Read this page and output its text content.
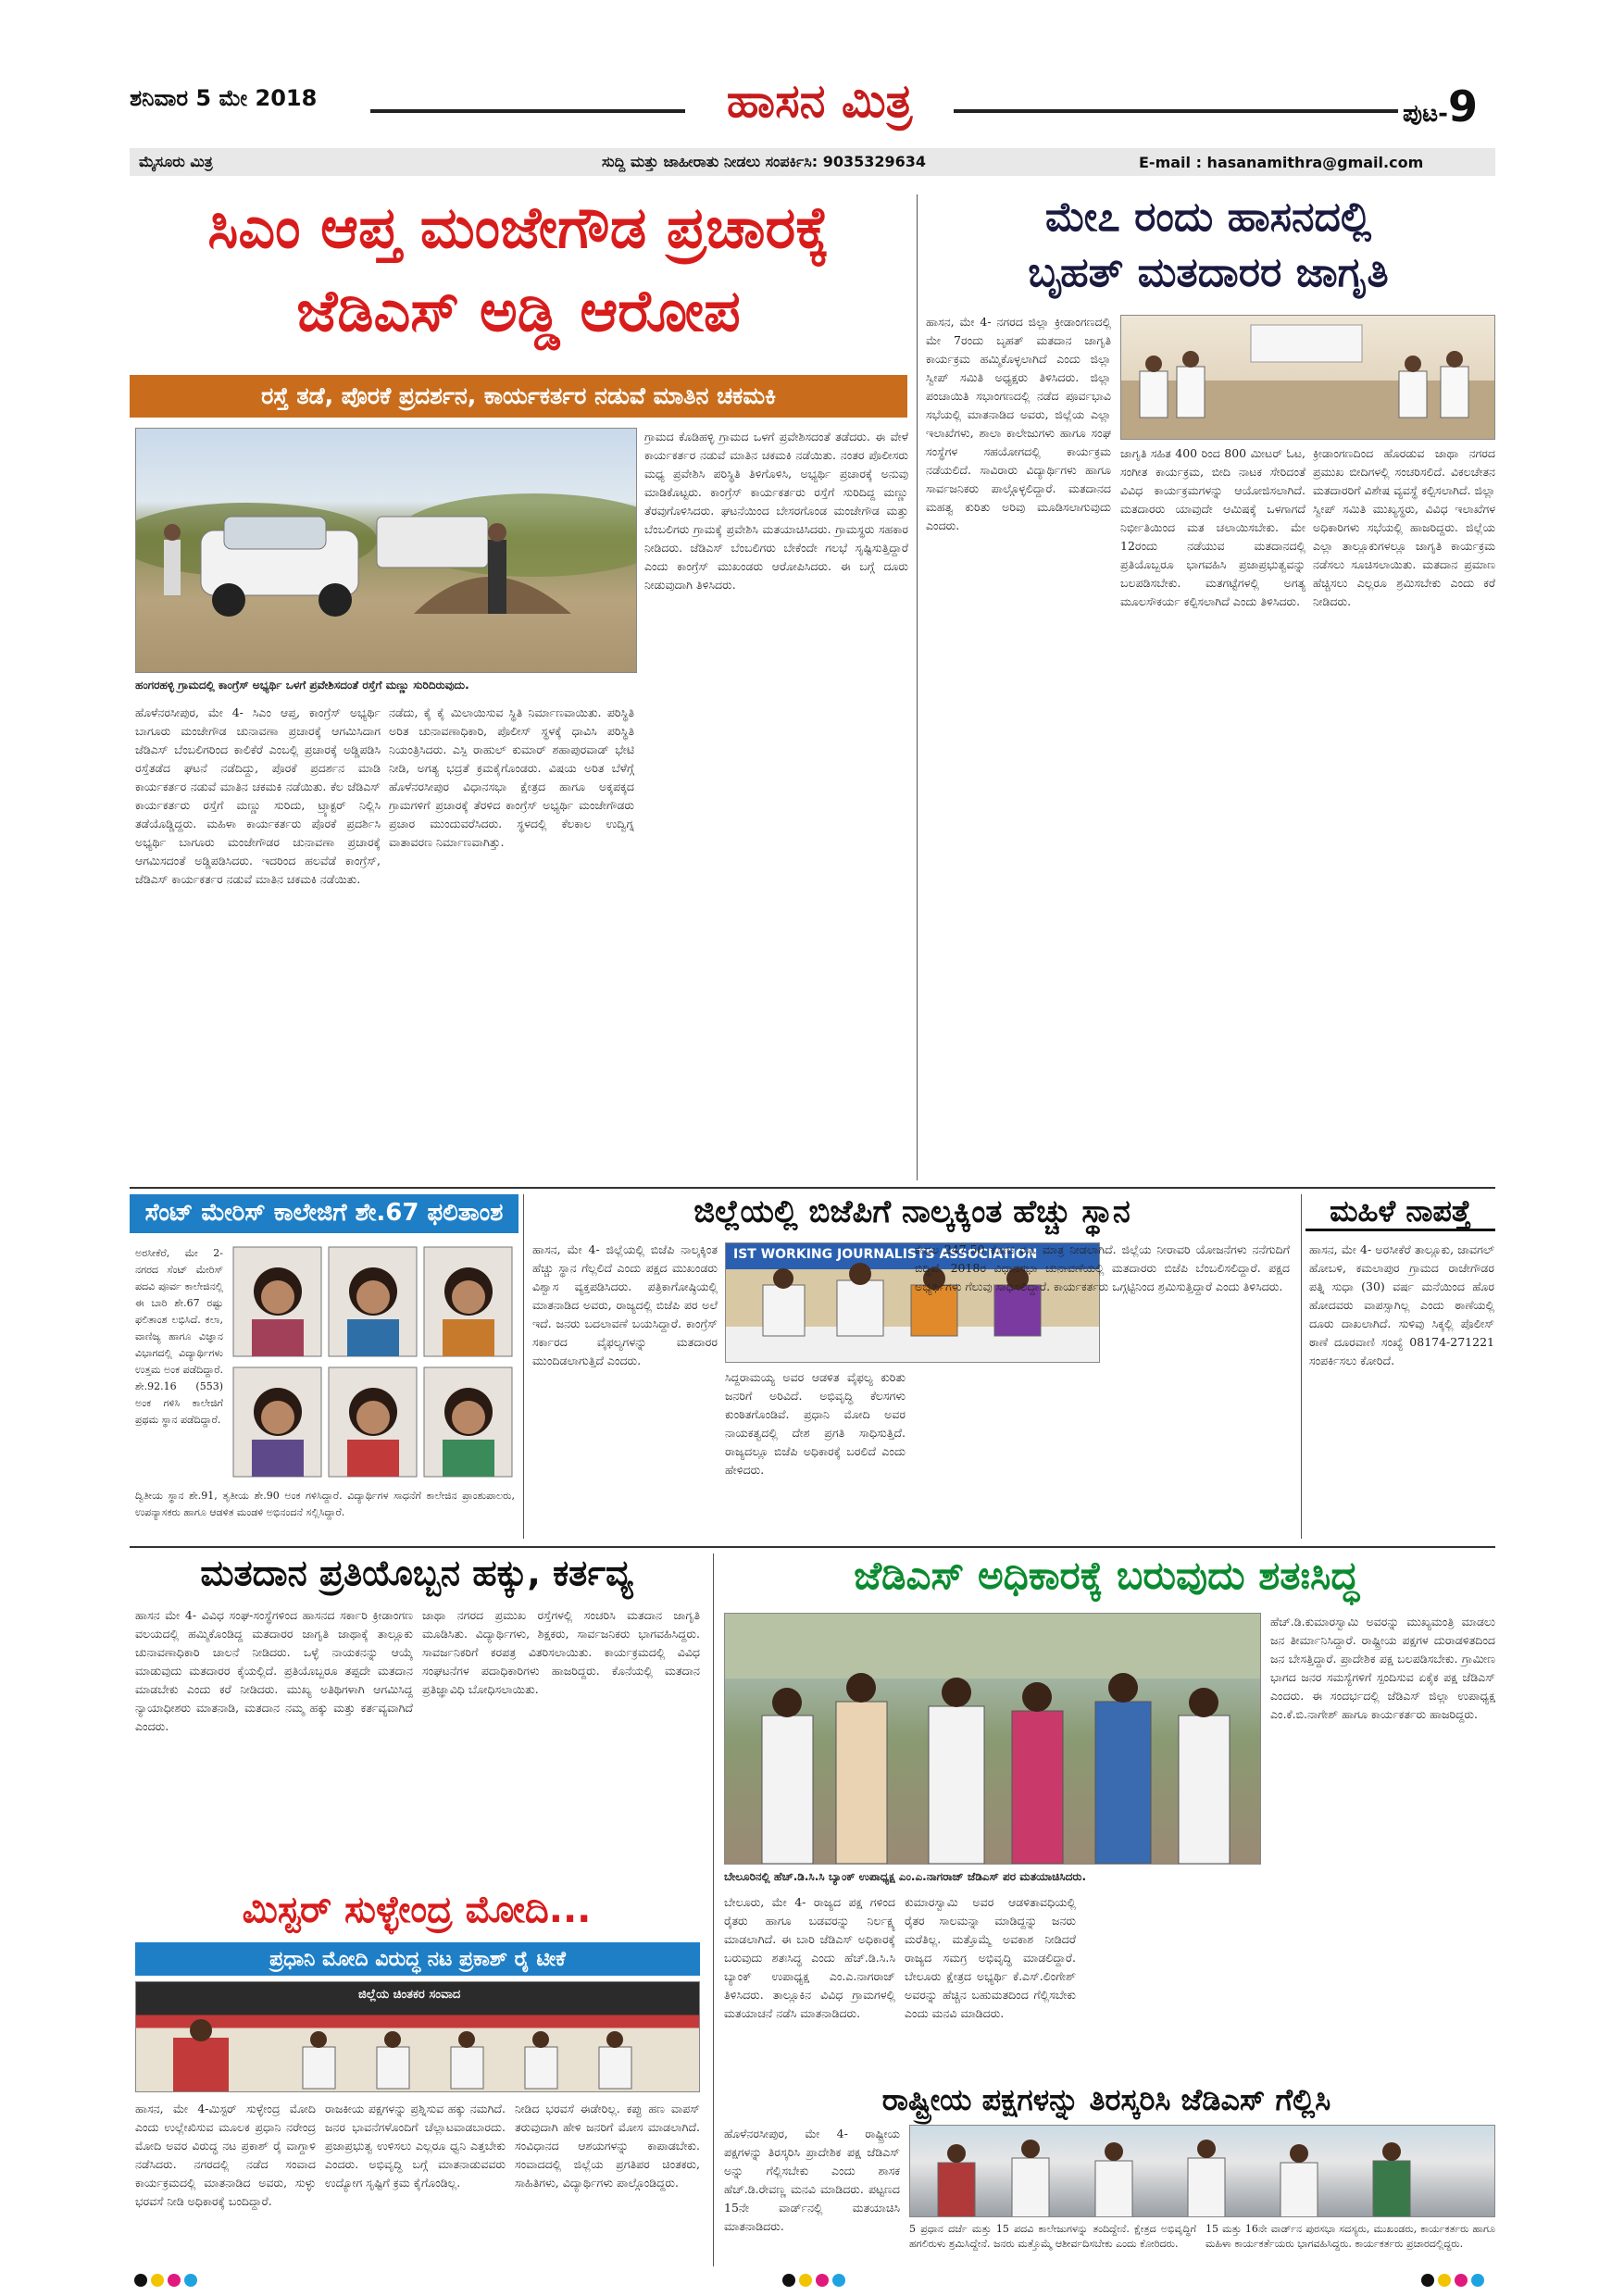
ಶನಿವಾರ 5 ಮೇ 2018	ಹಾಸನ ಮಿತ್ರ	ಪುಟ-9
ಮೈಸೂರು ಮಿತ್ರ	ಸುದ್ದಿ ಮತ್ತು ಜಾಹೀರಾತು ನೀಡಲು ಸಂಪರ್ಕಿಸಿ: 9035329634	E-mail : hasanamithra@gmail.com
ಸಿಎಂ ಆಪ್ತ ಮಂಜೇಗೌಡ ಪ್ರಚಾರಕ್ಕೆ
ಜೆಡಿಎಸ್ ಅಡ್ಡಿ ಆರೋಪ
ರಸ್ತೆ ತಡೆ, ಪೊರಕೆ ಪ್ರದರ್ಶನ, ಕಾರ್ಯಕರ್ತರ ನಡುವೆ ಮಾತಿನ ಚಕಮಕಿ
ಹಂಗರಹಳ್ಳಿ ಗ್ರಾಮದಲ್ಲಿ ಕಾಂಗ್ರೆಸ್ ಅಭ್ಯರ್ಥಿ ಒಳಗೆ ಪ್ರವೇಶಿಸದಂತೆ ರಸ್ತೆಗೆ ಮಣ್ಣು ಸುರಿದಿರುವುದು.
ಹೊಳೆನರಸೀಪುರ, ಮೇ 4- ಸಿಎಂ ಆಪ್ತ, ಕಾಂಗ್ರೆಸ್ ಅಭ್ಯರ್ಥಿ ಬಾಗೂರು ಮಂಜೇಗೌಡ ಚುನಾವಣಾ ಪ್ರಚಾರಕ್ಕೆ ಆಗಮಿಸಿದಾಗ ಜೆಡಿಎಸ್ ಬೆಂಬಲಿಗರಿಂದ ಕಾಲಿಕೆರೆ ಎಂಬಲ್ಲಿ ಪ್ರಚಾರಕ್ಕೆ ಅಡ್ಡಿಪಡಿಸಿ ರಸ್ತೆತಡೆದ ಘಟನೆ ನಡೆದಿದ್ದು, ಪೊರಕೆ ಪ್ರದರ್ಶನ ಮಾಡಿ ಕಾರ್ಯಕರ್ತರ ನಡುವೆ ಮಾತಿನ ಚಕಮಕಿ ನಡೆಯಿತು. ಕೆಲ ಜೆಡಿಎಸ್ ಕಾರ್ಯಕರ್ತರು ರಸ್ತೆಗೆ ಮಣ್ಣು ಸುರಿದು, ಟ್ರ್ಯಾಕ್ಟರ್ ನಿಲ್ಲಿಸಿ ತಡೆಯೊಡ್ಡಿದ್ದರು. ಮಹಿಳಾ ಕಾರ್ಯಕರ್ತರು ಪೊರಕೆ ಪ್ರದರ್ಶಿಸಿ ಅಭ್ಯರ್ಥಿ ಬಾಗೂರು ಮಂಜೇಗೌಡರ ಚುನಾವಣಾ ಪ್ರಚಾರಕ್ಕೆ ಆಗಮಿಸದಂತೆ ಅಡ್ಡಿಪಡಿಸಿದರು. ಇದರಿಂದ ಹಲವೆಡೆ ಕಾಂಗ್ರೆಸ್, ಜೆಡಿಎಸ್ ಕಾರ್ಯಕರ್ತರ ನಡುವೆ ಮಾತಿನ ಚಕಮಕಿ ನಡೆಯಿತು.
ನಡೆದು, ಕೈ ಕೈ ಮಿಲಾಯಿಸುವ ಸ್ಥಿತಿ ನಿರ್ಮಾಣವಾಯಿತು. ಪರಿಸ್ಥಿತಿ ಅರಿತ ಚುನಾವಣಾಧಿಕಾರಿ, ಪೊಲೀಸ್ ಸ್ಥಳಕ್ಕೆ ಧಾವಿಸಿ ಪರಿಸ್ಥಿತಿ ನಿಯಂತ್ರಿಸಿದರು. ಎಸ್ಪಿ ರಾಹುಲ್ ಕುಮಾರ್ ಶಹಾಪುರವಾಡ್ ಭೇಟಿ ನೀಡಿ, ಅಗತ್ಯ ಭದ್ರತೆ ಕ್ರಮಕೈಗೊಂಡರು. ವಿಷಯ ಅರಿತ ಬೆಳೆಗ್ಗೆ ಹೊಳೆನರಸೀಪುರ ವಿಧಾನಸಭಾ ಕ್ಷೇತ್ರದ ಹಾಗೂ ಅಕ್ಕಪಕ್ಕದ ಗ್ರಾಮಗಳಿಗೆ ಪ್ರಚಾರಕ್ಕೆ ತೆರಳಿದ ಕಾಂಗ್ರೆಸ್ ಅಭ್ಯರ್ಥಿ ಮಂಜೇಗೌಡರು ಪ್ರಚಾರ ಮುಂದುವರೆಸಿದರು. ಸ್ಥಳದಲ್ಲಿ ಕೆಲಕಾಲ ಉದ್ವಿಗ್ನ ವಾತಾವರಣ ನಿರ್ಮಾಣವಾಗಿತ್ತು.
ಗ್ರಾಮದ ಕೊಡಿಹಳ್ಳಿ ಗ್ರಾಮದ ಒಳಗೆ ಪ್ರವೇಶಿಸದಂತೆ ತಡೆದರು. ಈ ವೇಳೆ ಕಾರ್ಯಕರ್ತರ ನಡುವೆ ಮಾತಿನ ಚಕಮಕಿ ನಡೆಯಿತು. ನಂತರ ಪೊಲೀಸರು ಮಧ್ಯ ಪ್ರವೇಶಿಸಿ ಪರಿಸ್ಥಿತಿ ತಿಳಿಗೊಳಿಸಿ, ಅಭ್ಯರ್ಥಿ ಪ್ರಚಾರಕ್ಕೆ ಅನುವು ಮಾಡಿಕೊಟ್ಟರು. ಕಾಂಗ್ರೆಸ್ ಕಾರ್ಯಕರ್ತರು ರಸ್ತೆಗೆ ಸುರಿದಿದ್ದ ಮಣ್ಣು ತೆರವುಗೊಳಿಸಿದರು. ಘಟನೆಯಿಂದ ಬೇಸರಗೊಂಡ ಮಂಜೇಗೌಡ ಮತ್ತು ಬೆಂಬಲಿಗರು ಗ್ರಾಮಕ್ಕೆ ಪ್ರವೇಶಿಸಿ ಮತಯಾಚಿಸಿದರು. ಗ್ರಾಮಸ್ಥರು ಸಹಕಾರ ನೀಡಿದರು. ಜೆಡಿಎಸ್ ಬೆಂಬಲಿಗರು ಬೇಕೆಂದೇ ಗಲಭೆ ಸೃಷ್ಟಿಸುತ್ತಿದ್ದಾರೆ ಎಂದು ಕಾಂಗ್ರೆಸ್ ಮುಖಂಡರು ಆರೋಪಿಸಿದರು. ಈ ಬಗ್ಗೆ ದೂರು ನೀಡುವುದಾಗಿ ತಿಳಿಸಿದರು.
ಮೇ೭ ರಂದು ಹಾಸನದಲ್ಲಿ
ಬೃಹತ್ ಮತದಾರರ ಜಾಗೃತಿ
ಹಾಸನ, ಮೇ 4- ನಗರದ ಜಿಲ್ಲಾ ಕ್ರೀಡಾಂಗಣದಲ್ಲಿ ಮೇ 7ರಂದು ಬೃಹತ್ ಮತದಾನ ಜಾಗೃತಿ ಕಾರ್ಯಕ್ರಮ ಹಮ್ಮಿಕೊಳ್ಳಲಾಗಿದೆ ಎಂದು ಜಿಲ್ಲಾ ಸ್ವೀಪ್ ಸಮಿತಿ ಅಧ್ಯಕ್ಷರು ತಿಳಿಸಿದರು. ಜಿಲ್ಲಾ ಪಂಚಾಯಿತಿ ಸಭಾಂಗಣದಲ್ಲಿ ನಡೆದ ಪೂರ್ವಭಾವಿ ಸಭೆಯಲ್ಲಿ ಮಾತನಾಡಿದ ಅವರು, ಜಿಲ್ಲೆಯ ಎಲ್ಲಾ ಇಲಾಖೆಗಳು, ಶಾಲಾ ಕಾಲೇಜುಗಳು ಹಾಗೂ ಸಂಘ ಸಂಸ್ಥೆಗಳ ಸಹಯೋಗದಲ್ಲಿ ಕಾರ್ಯಕ್ರಮ ನಡೆಯಲಿದೆ. ಸಾವಿರಾರು ವಿದ್ಯಾರ್ಥಿಗಳು ಹಾಗೂ ಸಾರ್ವಜನಿಕರು ಪಾಲ್ಗೊಳ್ಳಲಿದ್ದಾರೆ. ಮತದಾನದ ಮಹತ್ವ ಕುರಿತು ಅರಿವು ಮೂಡಿಸಲಾಗುವುದು ಎಂದರು.
ಜಾಗೃತಿ ಸಹಿತ 400 ರಿಂದ 800 ಮೀಟರ್ ಓಟ, ಸಂಗೀತ ಕಾರ್ಯಕ್ರಮ, ಬೀದಿ ನಾಟಕ ಸೇರಿದಂತೆ ವಿವಿಧ ಕಾರ್ಯಕ್ರಮಗಳನ್ನು ಆಯೋಜಿಸಲಾಗಿದೆ. ಮತದಾರರು ಯಾವುದೇ ಆಮಿಷಕ್ಕೆ ಒಳಗಾಗದೆ ನಿರ್ಭೀತಿಯಿಂದ ಮತ ಚಲಾಯಿಸಬೇಕು. ಮೇ 12ರಂದು ನಡೆಯುವ ಮತದಾನದಲ್ಲಿ ಪ್ರತಿಯೊಬ್ಬರೂ ಭಾಗವಹಿಸಿ ಪ್ರಜಾಪ್ರಭುತ್ವವನ್ನು ಬಲಪಡಿಸಬೇಕು. ಮತಗಟ್ಟೆಗಳಲ್ಲಿ ಅಗತ್ಯ ಮೂಲಸೌಕರ್ಯ ಕಲ್ಪಿಸಲಾಗಿದೆ ಎಂದು ತಿಳಿಸಿದರು.
ಕ್ರೀಡಾಂಗಣದಿಂದ ಹೊರಡುವ ಜಾಥಾ ನಗರದ ಪ್ರಮುಖ ಬೀದಿಗಳಲ್ಲಿ ಸಂಚರಿಸಲಿದೆ. ವಿಕಲಚೇತನ ಮತದಾರರಿಗೆ ವಿಶೇಷ ವ್ಯವಸ್ಥೆ ಕಲ್ಪಿಸಲಾಗಿದೆ. ಜಿಲ್ಲಾ ಸ್ವೀಪ್ ಸಮಿತಿ ಮುಖ್ಯಸ್ಥರು, ವಿವಿಧ ಇಲಾಖೆಗಳ ಅಧಿಕಾರಿಗಳು ಸಭೆಯಲ್ಲಿ ಹಾಜರಿದ್ದರು. ಜಿಲ್ಲೆಯ ಎಲ್ಲಾ ತಾಲ್ಲೂಕುಗಳಲ್ಲೂ ಜಾಗೃತಿ ಕಾರ್ಯಕ್ರಮ ನಡೆಸಲು ಸೂಚಿಸಲಾಯಿತು. ಮತದಾನ ಪ್ರಮಾಣ ಹೆಚ್ಚಿಸಲು ಎಲ್ಲರೂ ಶ್ರಮಿಸಬೇಕು ಎಂದು ಕರೆ ನೀಡಿದರು.
ಸೆಂಟ್ ಮೇರಿಸ್ ಕಾಲೇಜಿಗೆ ಶೇ.67 ಫಲಿತಾಂಶ
ಅರಸೀಕೆರೆ, ಮೇ 2- ನಗರದ ಸೆಂಟ್ ಮೇರಿಸ್ ಪದವಿ ಪೂರ್ವ ಕಾಲೇಜಿನಲ್ಲಿ ಈ ಬಾರಿ ಶೇ.67 ರಷ್ಟು ಫಲಿತಾಂಶ ಲಭಿಸಿದೆ. ಕಲಾ, ವಾಣಿಜ್ಯ ಹಾಗೂ ವಿಜ್ಞಾನ ವಿಭಾಗದಲ್ಲಿ ವಿದ್ಯಾರ್ಥಿಗಳು ಉತ್ತಮ ಅಂಕ ಪಡೆದಿದ್ದಾರೆ. ಶೇ.92.16 (553) ಅಂಕ ಗಳಿಸಿ ಕಾಲೇಜಿಗೆ ಪ್ರಥಮ ಸ್ಥಾನ ಪಡೆದಿದ್ದಾರೆ.
ದ್ವಿತೀಯ ಸ್ಥಾನ ಶೇ.91, ತೃತೀಯ ಶೇ.90 ಅಂಕ ಗಳಿಸಿದ್ದಾರೆ. ವಿದ್ಯಾರ್ಥಿಗಳ ಸಾಧನೆಗೆ ಕಾಲೇಜಿನ ಪ್ರಾಂಶುಪಾಲರು, ಉಪನ್ಯಾಸಕರು ಹಾಗೂ ಆಡಳಿತ ಮಂಡಳಿ ಅಭಿನಂದನೆ ಸಲ್ಲಿಸಿದ್ದಾರೆ.
ಜಿಲ್ಲೆಯಲ್ಲಿ ಬಿಜೆಪಿಗೆ ನಾಲ್ಕಕ್ಕಿಂತ ಹೆಚ್ಚು ಸ್ಥಾನ
ಹಾಸನ, ಮೇ 4- ಜಿಲ್ಲೆಯಲ್ಲಿ ಬಿಜೆಪಿ ನಾಲ್ಕಕ್ಕಿಂತ ಹೆಚ್ಚು ಸ್ಥಾನ ಗೆಲ್ಲಲಿದೆ ಎಂದು ಪಕ್ಷದ ಮುಖಂಡರು ವಿಶ್ವಾಸ ವ್ಯಕ್ತಪಡಿಸಿದರು. ಪತ್ರಿಕಾಗೋಷ್ಠಿಯಲ್ಲಿ ಮಾತನಾಡಿದ ಅವರು, ರಾಜ್ಯದಲ್ಲಿ ಬಿಜೆಪಿ ಪರ ಅಲೆ ಇದೆ. ಜನರು ಬದಲಾವಣೆ ಬಯಸಿದ್ದಾರೆ. ಕಾಂಗ್ರೆಸ್ ಸರ್ಕಾರದ ವೈಫಲ್ಯಗಳನ್ನು ಮತದಾರರ ಮುಂದಿಡಲಾಗುತ್ತಿದೆ ಎಂದರು.
IST WORKING JOURNALISTS ASSOCIATION
ಸಿದ್ದರಾಮಯ್ಯ ಅವರ ಆಡಳಿತ ವೈಫಲ್ಯ ಕುರಿತು ಜನರಿಗೆ ಅರಿವಿದೆ. ಅಭಿವೃದ್ಧಿ ಕೆಲಸಗಳು ಕುಂಠಿತಗೊಂಡಿವೆ. ಪ್ರಧಾನಿ ಮೋದಿ ಅವರ ನಾಯಕತ್ವದಲ್ಲಿ ದೇಶ ಪ್ರಗತಿ ಸಾಧಿಸುತ್ತಿದೆ. ರಾಜ್ಯದಲ್ಲೂ ಬಿಜೆಪಿ ಅಧಿಕಾರಕ್ಕೆ ಬರಲಿದೆ ಎಂದು ಹೇಳಿದರು.
ಕೇವಲ 247.50 ಕೋಟಿ ರೂ. ಮಾತ್ರ ನೀಡಲಾಗಿದೆ. ಜಿಲ್ಲೆಯ ನೀರಾವರಿ ಯೋಜನೆಗಳು ನನೆಗುದಿಗೆ ಬಿದ್ದಿವೆ. 2018ರ ವಿಧಾನಸಭಾ ಚುನಾವಣೆಯಲ್ಲಿ ಮತದಾರರು ಬಿಜೆಪಿ ಬೆಂಬಲಿಸಲಿದ್ದಾರೆ. ಪಕ್ಷದ ಅಭ್ಯರ್ಥಿಗಳು ಗೆಲುವು ಸಾಧಿಸಲಿದ್ದಾರೆ. ಕಾರ್ಯಕರ್ತರು ಒಗ್ಗಟ್ಟಿನಿಂದ ಶ್ರಮಿಸುತ್ತಿದ್ದಾರೆ ಎಂದು ತಿಳಿಸಿದರು.
ಮಹಿಳೆ ನಾಪತ್ತೆ
ಹಾಸನ, ಮೇ 4- ಅರಸೀಕೆರೆ ತಾಲ್ಲೂಕು, ಜಾವಗಲ್ ಹೋಬಳಿ, ಕಮಲಾಪುರ ಗ್ರಾಮದ ರಾಜೇಗೌಡರ ಪತ್ನಿ ಸುಧಾ (30) ವರ್ಷ ಮನೆಯಿಂದ ಹೊರ ಹೋದವರು ವಾಪಸ್ಸಾಗಿಲ್ಲ ಎಂದು ಠಾಣೆಯಲ್ಲಿ ದೂರು ದಾಖಲಾಗಿದೆ. ಸುಳಿವು ಸಿಕ್ಕಲ್ಲಿ ಪೊಲೀಸ್ ಠಾಣೆ ದೂರವಾಣಿ ಸಂಖ್ಯೆ 08174-271221 ಸಂಪರ್ಕಿಸಲು ಕೋರಿದೆ.
ಮತದಾನ ಪ್ರತಿಯೊಬ್ಬನ ಹಕ್ಕು, ಕರ್ತವ್ಯ
ಹಾಸನ ಮೇ 4- ವಿವಿಧ ಸಂಘ-ಸಂಸ್ಥೆಗಳಿಂದ ಹಾಸನದ ಸರ್ಕಾರಿ ಕ್ರೀಡಾಂಗಣ ವಲಯದಲ್ಲಿ ಹಮ್ಮಿಕೊಂಡಿದ್ದ ಮತದಾರರ ಜಾಗೃತಿ ಜಾಥಾಕ್ಕೆ ತಾಲ್ಲೂಕು ಚುನಾವಣಾಧಿಕಾರಿ ಚಾಲನೆ ನೀಡಿದರು. ಒಳ್ಳೆ ನಾಯಕನನ್ನು ಆಯ್ಕೆ ಮಾಡುವುದು ಮತದಾರರ ಕೈಯಲ್ಲಿದೆ. ಪ್ರತಿಯೊಬ್ಬರೂ ತಪ್ಪದೇ ಮತದಾನ ಮಾಡಬೇಕು ಎಂದು ಕರೆ ನೀಡಿದರು. ಮುಖ್ಯ ಅತಿಥಿಗಳಾಗಿ ಆಗಮಿಸಿದ್ದ ನ್ಯಾಯಾಧೀಶರು ಮಾತನಾಡಿ, ಮತದಾನ ನಮ್ಮ ಹಕ್ಕು ಮತ್ತು ಕರ್ತವ್ಯವಾಗಿದೆ ಎಂದರು.
ಜಾಥಾ ನಗರದ ಪ್ರಮುಖ ರಸ್ತೆಗಳಲ್ಲಿ ಸಂಚರಿಸಿ ಮತದಾನ ಜಾಗೃತಿ ಮೂಡಿಸಿತು. ವಿದ್ಯಾರ್ಥಿಗಳು, ಶಿಕ್ಷಕರು, ಸಾರ್ವಜನಿಕರು ಭಾಗವಹಿಸಿದ್ದರು. ಸಾವರ್ಜನಿಕರಿಗೆ ಕರಪತ್ರ ವಿತರಿಸಲಾಯಿತು. ಕಾರ್ಯಕ್ರಮದಲ್ಲಿ ವಿವಿಧ ಸಂಘಟನೆಗಳ ಪದಾಧಿಕಾರಿಗಳು ಹಾಜರಿದ್ದರು. ಕೊನೆಯಲ್ಲಿ ಮತದಾನ ಪ್ರತಿಜ್ಞಾವಿಧಿ ಬೋಧಿಸಲಾಯಿತು.
ಜೆಡಿಎಸ್ ಅಧಿಕಾರಕ್ಕೆ ಬರುವುದು ಶತಃಸಿದ್ಧ
ಬೇಲೂರಿನಲ್ಲಿ ಹೆಚ್.ಡಿ.ಸಿ.ಸಿ ಬ್ಯಾಂಕ್ ಉಪಾಧ್ಯಕ್ಷ ಎಂ.ಎ.ನಾಗರಾಜ್ ಜೆಡಿಎಸ್ ಪರ ಮತಯಾಚಿಸಿದರು.
ಬೇಲೂರು, ಮೇ 4- ರಾಜ್ಯದ ಪಕ್ಷ ಗಳಿಂದ ರೈತರು ಹಾಗೂ ಬಡವರನ್ನು ನಿರ್ಲಕ್ಷ್ಯ ಮಾಡಲಾಗಿದೆ. ಈ ಬಾರಿ ಜೆಡಿಎಸ್ ಅಧಿಕಾರಕ್ಕೆ ಬರುವುದು ಶತಃಸಿದ್ಧ ಎಂದು ಹೆಚ್.ಡಿ.ಸಿ.ಸಿ ಬ್ಯಾಂಕ್ ಉಪಾಧ್ಯಕ್ಷ ಎಂ.ಎ.ನಾಗರಾಜ್ ತಿಳಿಸಿದರು. ತಾಲ್ಲೂಕಿನ ವಿವಿಧ ಗ್ರಾಮಗಳಲ್ಲಿ ಮತಯಾಚನೆ ನಡೆಸಿ ಮಾತನಾಡಿದರು.
ಕುಮಾರಸ್ವಾಮಿ ಅವರ ಆಡಳಿತಾವಧಿಯಲ್ಲಿ ರೈತರ ಸಾಲಮನ್ನಾ ಮಾಡಿದ್ದನ್ನು ಜನರು ಮರೆತಿಲ್ಲ. ಮತ್ತೊಮ್ಮೆ ಅವಕಾಶ ನೀಡಿದರೆ ರಾಜ್ಯದ ಸಮಗ್ರ ಅಭಿವೃದ್ಧಿ ಮಾಡಲಿದ್ದಾರೆ. ಬೇಲೂರು ಕ್ಷೇತ್ರದ ಅಭ್ಯರ್ಥಿ ಕೆ.ಎಸ್.ಲಿಂಗೇಶ್ ಅವರನ್ನು ಹೆಚ್ಚಿನ ಬಹುಮತದಿಂದ ಗೆಲ್ಲಿಸಬೇಕು ಎಂದು ಮನವಿ ಮಾಡಿದರು.
ಹೆಚ್.ಡಿ.ಕುಮಾರಸ್ವಾಮಿ ಅವರನ್ನು ಮುಖ್ಯಮಂತ್ರಿ ಮಾಡಲು ಜನ ತೀರ್ಮಾನಿಸಿದ್ದಾರೆ. ರಾಷ್ಟ್ರೀಯ ಪಕ್ಷಗಳ ದುರಾಡಳಿತದಿಂದ ಜನ ಬೇಸತ್ತಿದ್ದಾರೆ. ಪ್ರಾದೇಶಿಕ ಪಕ್ಷ ಬಲಪಡಿಸಬೇಕು. ಗ್ರಾಮೀಣ ಭಾಗದ ಜನರ ಸಮಸ್ಯೆಗಳಿಗೆ ಸ್ಪಂದಿಸುವ ಏಕೈಕ ಪಕ್ಷ ಜೆಡಿಎಸ್ ಎಂದರು. ಈ ಸಂದರ್ಭದಲ್ಲಿ ಜೆಡಿಎಸ್ ಜಿಲ್ಲಾ ಉಪಾಧ್ಯಕ್ಷ ಎಂ.ಕೆ.ಬಿ.ನಾಗೇಶ್ ಹಾಗೂ ಕಾರ್ಯಕರ್ತರು ಹಾಜರಿದ್ದರು.
ಮಿಸ್ಟರ್ ಸುಳ್ಳೇಂದ್ರ ಮೋದಿ...
ಪ್ರಧಾನಿ ಮೋದಿ ವಿರುದ್ಧ ನಟ ಪ್ರಕಾಶ್ ರೈ ಟೀಕೆ
ಜಿಲ್ಲೆಯ ಚಿಂತಕರ ಸಂವಾದ
ಹಾಸನ, ಮೇ 4-ಮಿಸ್ಟರ್ ಸುಳ್ಳೇಂದ್ರ ಮೋದಿ ಎಂದು ಉಲ್ಲೇಖಿಸುವ ಮೂಲಕ ಪ್ರಧಾನಿ ನರೇಂದ್ರ ಮೋದಿ ಅವರ ವಿರುದ್ಧ ನಟ ಪ್ರಕಾಶ್ ರೈ ವಾಗ್ದಾಳಿ ನಡೆಸಿದರು. ನಗರದಲ್ಲಿ ನಡೆದ ಸಂವಾದ ಕಾರ್ಯಕ್ರಮದಲ್ಲಿ ಮಾತನಾಡಿದ ಅವರು, ಸುಳ್ಳು ಭರವಸೆ ನೀಡಿ ಅಧಿಕಾರಕ್ಕೆ ಬಂದಿದ್ದಾರೆ.
ರಾಜಕೀಯ ಪಕ್ಷಗಳನ್ನು ಪ್ರಶ್ನಿಸುವ ಹಕ್ಕು ನಮಗಿದೆ. ಜನರ ಭಾವನೆಗಳೊಂದಿಗೆ ಚೆಲ್ಲಾಟವಾಡಬಾರದು. ಪ್ರಜಾಪ್ರಭುತ್ವ ಉಳಿಸಲು ಎಲ್ಲರೂ ಧ್ವನಿ ಎತ್ತಬೇಕು ಎಂದರು. ಅಭಿವೃದ್ಧಿ ಬಗ್ಗೆ ಮಾತನಾಡುವವರು ಉದ್ಯೋಗ ಸೃಷ್ಟಿಗೆ ಕ್ರಮ ಕೈಗೊಂಡಿಲ್ಲ.
ನೀಡಿದ ಭರವಸೆ ಈಡೇರಿಲ್ಲ. ಕಪ್ಪು ಹಣ ವಾಪಸ್ ತರುವುದಾಗಿ ಹೇಳಿ ಜನರಿಗೆ ಮೋಸ ಮಾಡಲಾಗಿದೆ. ಸಂವಿಧಾನದ ಆಶಯಗಳನ್ನು ಕಾಪಾಡಬೇಕು. ಸಂವಾದದಲ್ಲಿ ಜಿಲ್ಲೆಯ ಪ್ರಗತಿಪರ ಚಿಂತಕರು, ಸಾಹಿತಿಗಳು, ವಿದ್ಯಾರ್ಥಿಗಳು ಪಾಲ್ಗೊಂಡಿದ್ದರು.
ರಾಷ್ಟ್ರೀಯ ಪಕ್ಷಗಳನ್ನು ತಿರಸ್ಕರಿಸಿ ಜೆಡಿಎಸ್ ಗೆಲ್ಲಿಸಿ
ಹೊಳೆನರಸೀಪುರ, ಮೇ 4- ರಾಷ್ಟ್ರೀಯ ಪಕ್ಷಗಳನ್ನು ತಿರಸ್ಕರಿಸಿ ಪ್ರಾದೇಶಿಕ ಪಕ್ಷ ಜೆಡಿಎಸ್ ಅನ್ನು ಗೆಲ್ಲಿಸಬೇಕು ಎಂದು ಶಾಸಕ ಹೆಚ್.ಡಿ.ರೇವಣ್ಣ ಮನವಿ ಮಾಡಿದರು. ಪಟ್ಟಣದ 15ನೇ ವಾರ್ಡ್‌ನಲ್ಲಿ ಮತಯಾಚಿಸಿ ಮಾತನಾಡಿದರು.	5 ಪ್ರಧಾನ ದರ್ಜೆ ಮತ್ತು 15 ಪದವಿ ಕಾಲೇಜುಗಳನ್ನು ತಂದಿದ್ದೇನೆ. ಕ್ಷೇತ್ರದ ಅಭಿವೃದ್ಧಿಗೆ ಹಗಲಿರುಳು ಶ್ರಮಿಸಿದ್ದೇನೆ. ಜನರು ಮತ್ತೊಮ್ಮೆ ಆಶೀರ್ವದಿಸಬೇಕು ಎಂದು ಕೋರಿದರು.
15 ಮತ್ತು 16ನೇ ವಾರ್ಡ್‌ನ ಪುರಸಭಾ ಸದಸ್ಯರು, ಮುಖಂಡರು, ಕಾರ್ಯಕರ್ತರು ಹಾಗೂ ಮಹಿಳಾ ಕಾರ್ಯಕರ್ತೆಯರು ಭಾಗವಹಿಸಿದ್ದರು. ಕಾರ್ಯಕರ್ತರು ಪ್ರಚಾರದಲ್ಲಿದ್ದರು.
